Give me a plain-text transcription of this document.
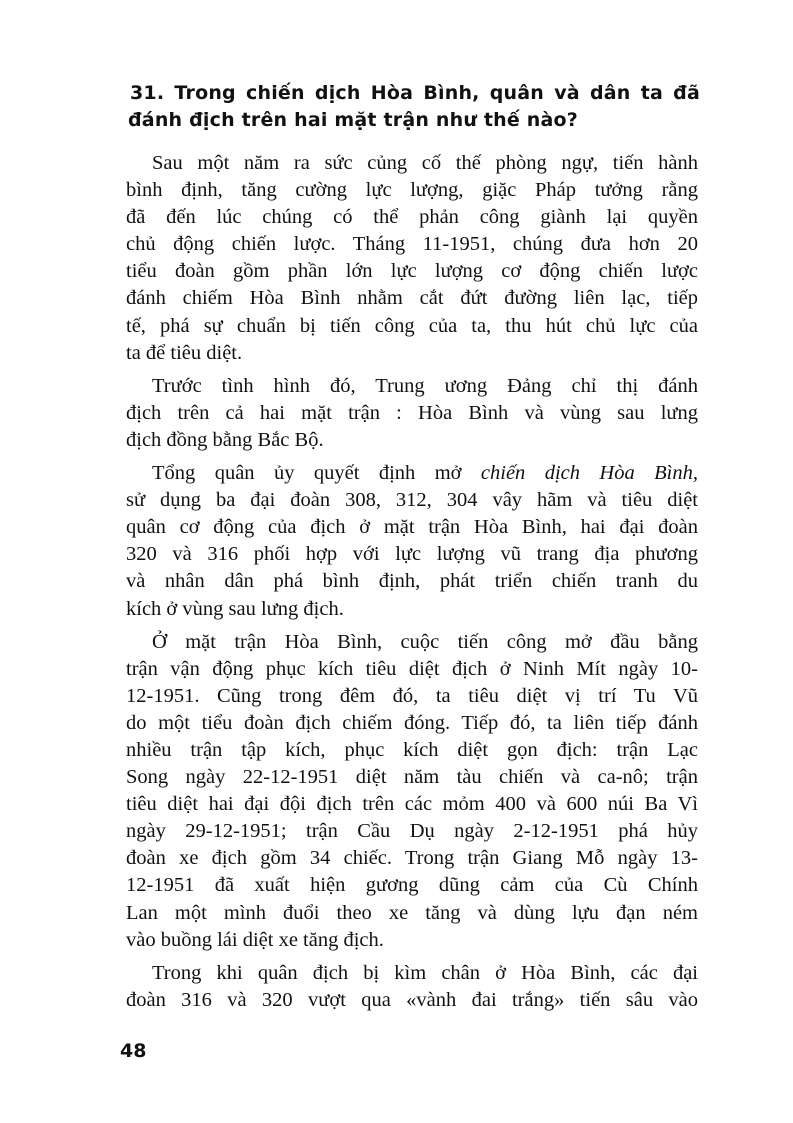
31. Trong chiến dịch Hòa Bình, quân và dân ta đã
đánh địch trên hai mặt trận như thế nào?
Sau một năm ra sức củng cố thế phòng ngự, tiến hành
bình định, tăng cường lực lượng, giặc Pháp tưởng rằng
đã đến lúc chúng có thể phản công giành lại quyền
chủ động chiến lược. Tháng 11-1951, chúng đưa hơn 20
tiểu đoàn gồm phần lớn lực lượng cơ động chiến lược
đánh chiếm Hòa Bình nhằm cắt đứt đường liên lạc, tiếp
tế, phá sự chuẩn bị tiến công của ta, thu hút chủ lực của
ta để tiêu diệt.
Trước tình hình đó, Trung ương Đảng chỉ thị đánh
địch trên cả hai mặt trận : Hòa Bình và vùng sau lưng
địch đồng bằng Bắc Bộ.
Tổng quân ủy quyết định mở chiến dịch Hòa Bình,
sử dụng ba đại đoàn 308, 312, 304 vây hãm và tiêu diệt
quân cơ động của địch ở mặt trận Hòa Bình, hai đại đoàn
320 và 316 phối hợp với lực lượng vũ trang địa phương
và nhân dân phá bình định, phát triển chiến tranh du
kích ở vùng sau lưng địch.
Ở mặt trận Hòa Bình, cuộc tiến công mở đầu bằng
trận vận động phục kích tiêu diệt địch ở Ninh Mít ngày 10-
12-1951. Cũng trong đêm đó, ta tiêu diệt vị trí Tu Vũ
do một tiểu đoàn địch chiếm đóng. Tiếp đó, ta liên tiếp đánh
nhiều trận tập kích, phục kích diệt gọn địch: trận Lạc
Song ngày 22-12-1951 diệt năm tàu chiến và ca-nô; trận
tiêu diệt hai đại đội địch trên các mỏm 400 và 600 núi Ba Vì
ngày 29-12-1951; trận Cầu Dụ ngày 2-12-1951 phá hủy
đoàn xe địch gồm 34 chiếc. Trong trận Giang Mỗ ngày 13-
12-1951 đã xuất hiện gương dũng cảm của Cù Chính
Lan một mình đuổi theo xe tăng và dùng lựu đạn ném
vào buồng lái diệt xe tăng địch.
Trong khi quân địch bị kìm chân ở Hòa Bình, các đại
đoàn 316 và 320 vượt qua «vành đai trắng» tiến sâu vào
48
